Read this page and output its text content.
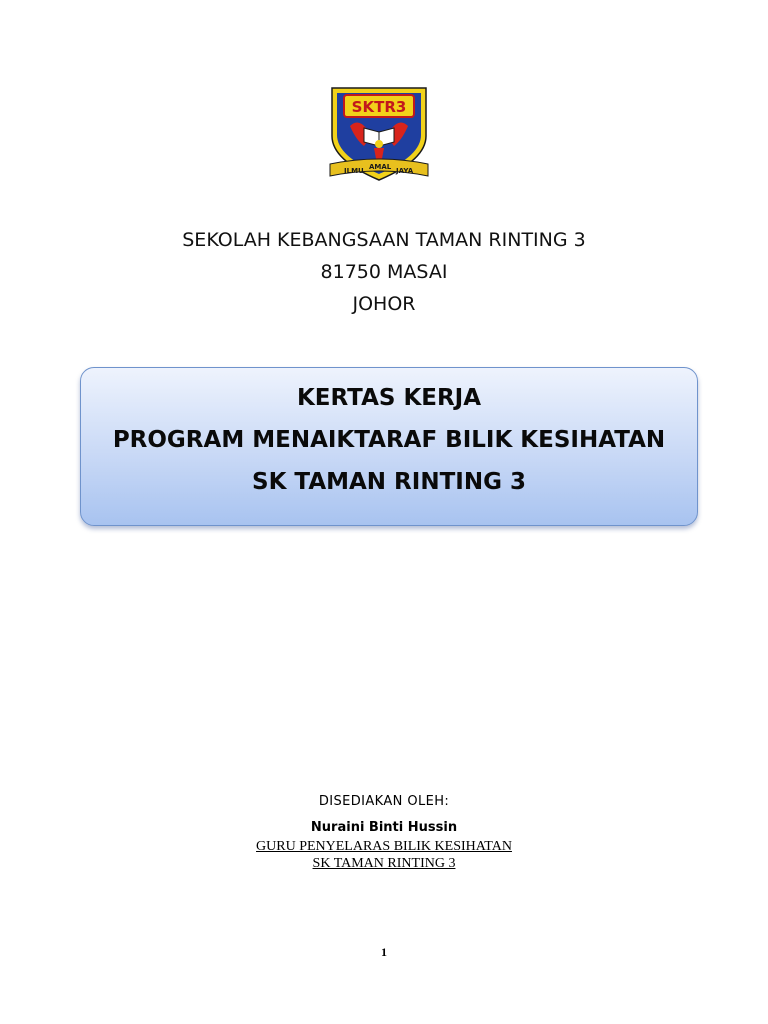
SKTR3
ILMU AMAL JAYA
SEKOLAH KEBANGSAAN TAMAN RINTING 3
81750 MASAI
JOHOR
KERTAS KERJA
PROGRAM MENAIKTARAF BILIK KESIHATAN
SK TAMAN RINTING 3
DISEDIAKAN OLEH:
Nuraini Binti Hussin
GURU PENYELARAS BILIK KESIHATAN
SK TAMAN RINTING 3
1
